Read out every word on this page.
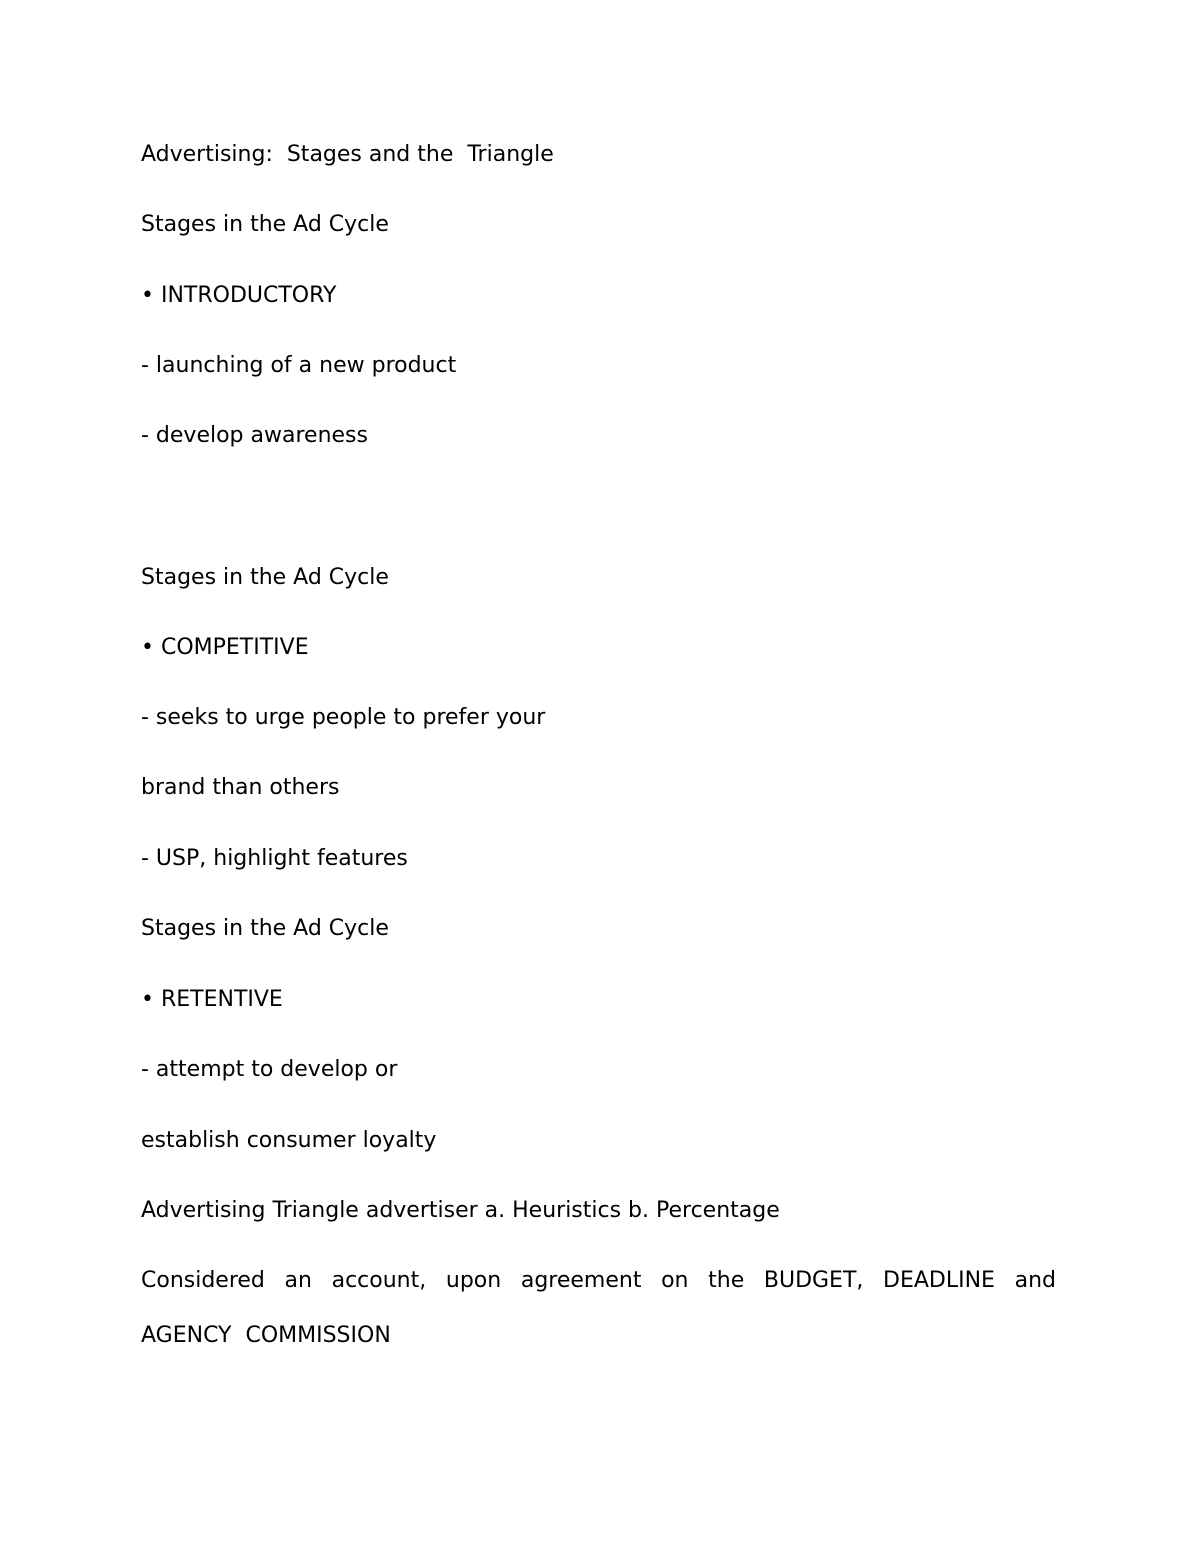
Advertising:  Stages and the  Triangle
Stages in the Ad Cycle
• INTRODUCTORY
- launching of a new product
- develop awareness
Stages in the Ad Cycle
• COMPETITIVE
- seeks to urge people to prefer your
brand than others
- USP, highlight features
Stages in the Ad Cycle
• RETENTIVE
- attempt to develop or
establish consumer loyalty
Advertising Triangle advertiser a. Heuristics b. Percentage
Considered an account, upon agreement on the BUDGET, DEADLINE and
AGENCY  COMMISSION
